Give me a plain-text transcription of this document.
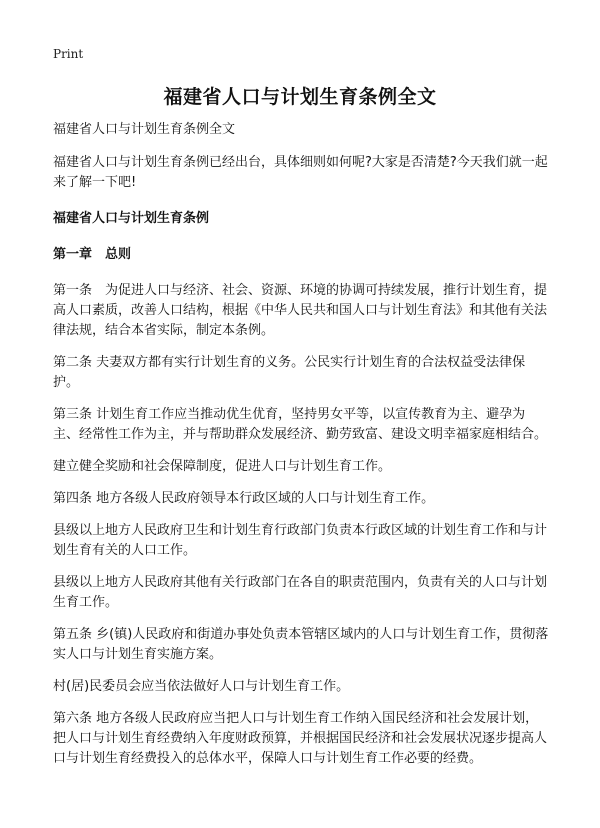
Print
福建省人口与计划生育条例全文

福建省人口与计划生育条例全文

福建省人口与计划生育条例已经出台，具体细则如何呢?大家是否清楚?今天我们就一起来了解一下吧!

福建省人口与计划生育条例

第一章　总则

第一条　为促进人口与经济、社会、资源、环境的协调可持续发展，推行计划生育，提高人口素质，改善人口结构，根据《中华人民共和国人口与计划生育法》和其他有关法律法规，结合本省实际，制定本条例。

第二条 夫妻双方都有实行计划生育的义务。公民实行计划生育的合法权益受法律保护。

第三条 计划生育工作应当推动优生优育，坚持男女平等，以宣传教育为主、避孕为主、经常性工作为主，并与帮助群众发展经济、勤劳致富、建设文明幸福家庭相结合。

建立健全奖励和社会保障制度，促进人口与计划生育工作。

第四条 地方各级人民政府领导本行政区域的人口与计划生育工作。

县级以上地方人民政府卫生和计划生育行政部门负责本行政区域的计划生育工作和与计划生育有关的人口工作。

县级以上地方人民政府其他有关行政部门在各自的职责范围内，负责有关的人口与计划生育工作。

第五条 乡(镇)人民政府和街道办事处负责本管辖区域内的人口与计划生育工作，贯彻落实人口与计划生育实施方案。

村(居)民委员会应当依法做好人口与计划生育工作。

第六条 地方各级人民政府应当把人口与计划生育工作纳入国民经济和社会发展计划，把人口与计划生育经费纳入年度财政预算，并根据国民经济和社会发展状况逐步提高人口与计划生育经费投入的总体水平，保障人口与计划生育工作必要的经费。
